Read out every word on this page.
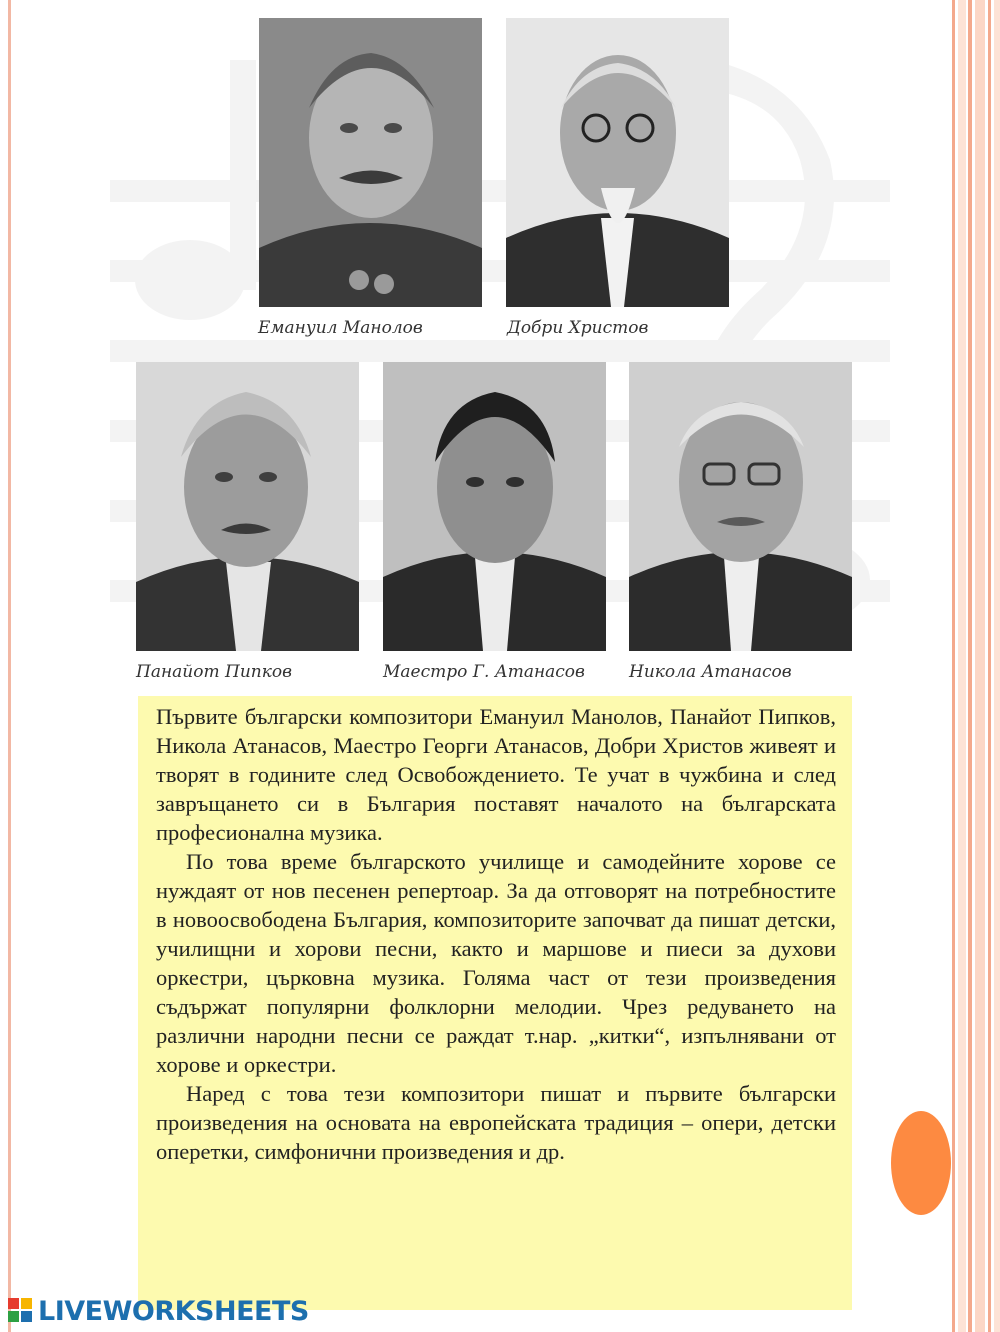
Емануил Манолов	Добри Христов
Панайот Пипков	Маестро Г. Атанасов	Никола Атанасов

Първите български композитори Емануил Манолов, Панайот Пипков, Никола Атанасов, Маестро Георги Атанасов, Добри Христов живеят и творят в годините след Освобождението. Те учат в чужбина и след завръщането си в България поставят началото на българската професионална музика.

По това време българското училище и самодейните хорове се нуждаят от нов песенен репертоар. За да отговорят на потребностите в новоосвободена България, композиторите започват да пишат детски, училищни и хорови песни, както и маршове и пиеси за духови оркестри, църковна музика. Голяма част от тези произведения съдържат популярни фолклорни мелодии. Чрез редуването на различни народни песни се раждат т.нар. „китки“, изпълнявани от хорове и оркестри.

Наред с това тези композитори пишат и първите български произведения на основата на европейската традиция – опери, детски оперетки, симфонични произведения и др.

LIVEWORKSHEETS
